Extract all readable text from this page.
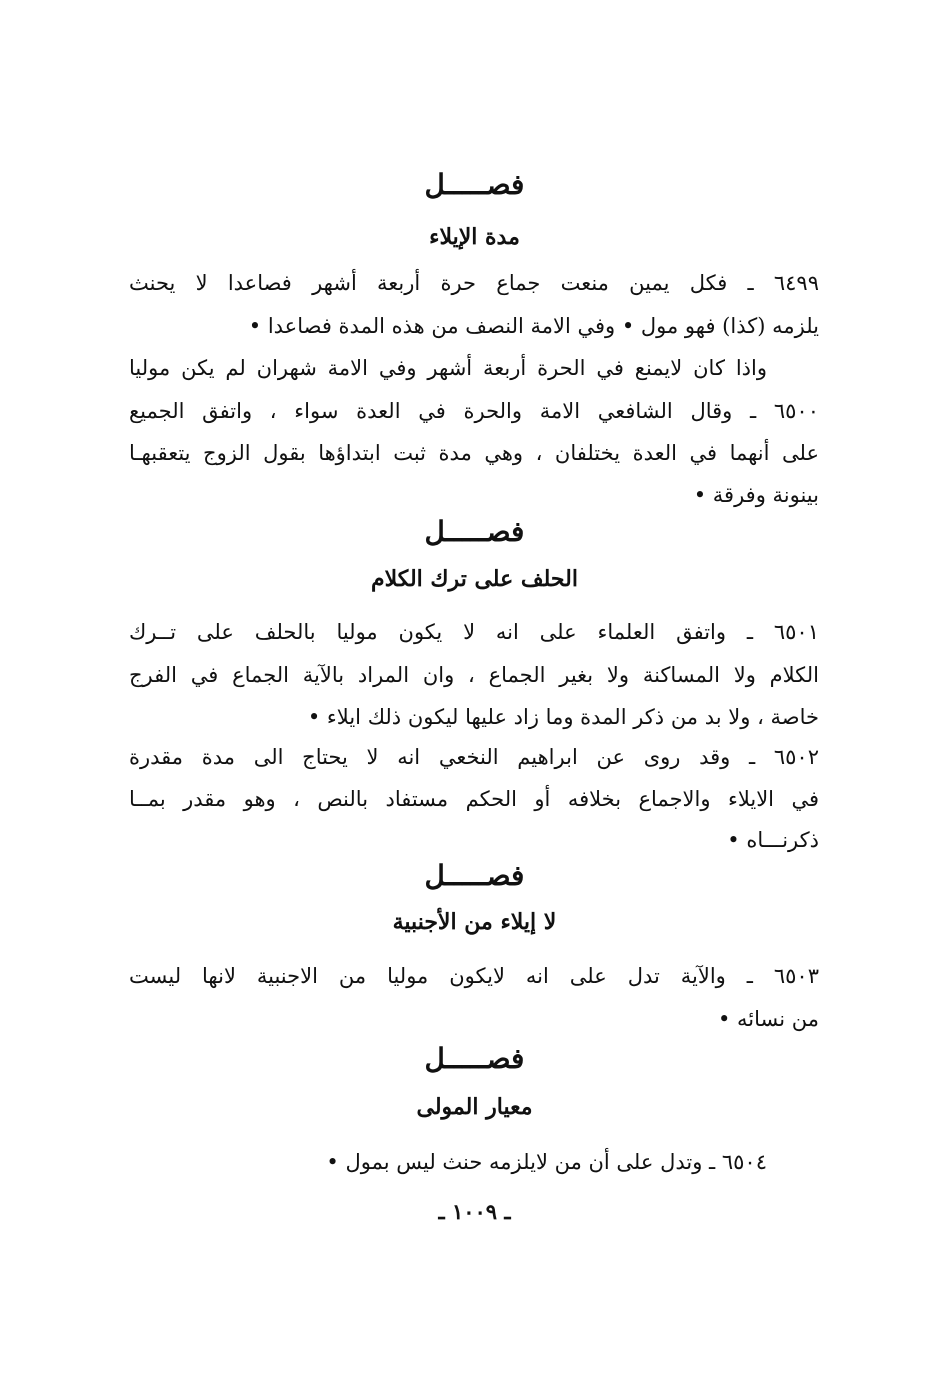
فصـــــل
مدة الإيلاء
٦٤٩٩ ـ فكل يمين منعت جماع حرة أربعة أشهر فصاعدا لا يحنث
يلزمه (كذا) فهو مول • وفي الامة النصف من هذه المدة فصاعدا •
واذا كان لايمنع في الحرة أربعة أشهر وفي الامة شهران لم يكن موليا
٦٥٠٠ ـ وقال الشافعي الامة والحرة في العدة سواء ، واتفق الجميع
على أنهما في العدة يختلفان ، وهي مدة ثبت ابتداؤها بقول الزوج يتعقبهـا
بينونة وفرقة •
فصـــــل
الحلف على ترك الكلام
٦٥٠١ ـ واتفق العلماء على انه لا يكون موليا بالحلف على تــرك
الكلام ولا المساكنة ولا بغير الجماع ، وان المراد بالآية الجماع في الفرج
خاصة ، ولا بد من ذكر المدة وما زاد عليها ليكون ذلك ايلاء •
٦٥٠٢ ـ وقد روى عن ابراهيم النخعي انه لا يحتاج الى مدة مقدرة
في الايلاء والاجماع بخلافه أو الحكم مستفاد بالنص ، وهو مقدر بمــا
ذكرنـــاه •
فصـــــل
لا إيلاء من الأجنبية
٦٥٠٣ ـ والآية تدل على انه لايكون موليا من الاجنبية لانها ليست
من نسائه •
فصـــــل
معيار المولى
٦٥٠٤ ـ وتدل على أن من لايلزمه حنث ليس بمول •
ـ ١٠٠٩ ـ
